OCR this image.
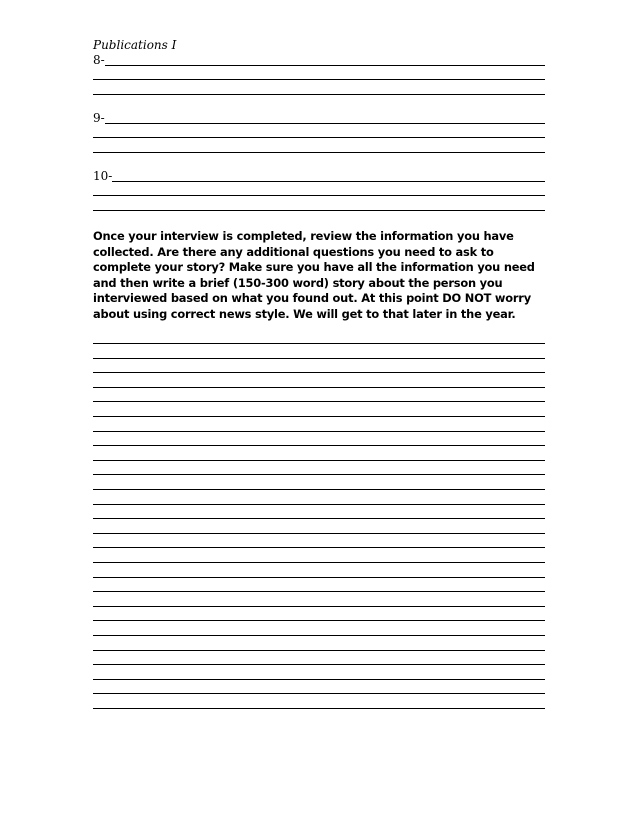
Publications I
8-
9-
10-
Once your interview is completed, review the information you have collected. Are there any additional questions you need to ask to complete your story? Make sure you have all the information you need and then write a brief (150-300 word) story about the person you interviewed based on what you found out. At this point DO NOT worry about using correct news style. We will get to that later in the year.
